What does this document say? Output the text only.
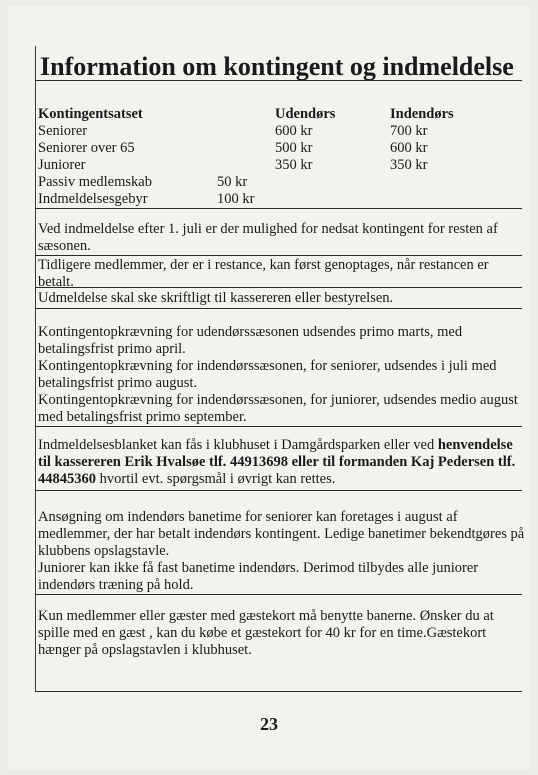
Information om kontingent og indmeldelse
Kontingentsatset	Udendørs	Indendørs
Seniorer	600 kr	700 kr
Seniorer over 65	500 kr	600 kr
Juniorer	350 kr	350 kr
Passiv medlemskab	50 kr
Indmeldelsesgebyr	100 kr
Ved indmeldelse efter 1. juli er der mulighed for nedsat kontingent for resten af
sæsonen.
Tidligere medlemmer, der er i restance, kan først genoptages, når restancen er
betalt.
Udmeldelse skal ske skriftligt til kassereren eller bestyrelsen.
Kontingentopkrævning for udendørssæsonen udsendes primo marts, med
betalingsfrist primo april.
Kontingentopkrævning for indendørssæsonen, for seniorer, udsendes i juli med
betalingsfrist primo august.
Kontingentopkrævning for indendørssæsonen, for juniorer, udsendes medio august
med betalingsfrist primo september.
Indmeldelsesblanket kan fås i klubhuset i Damgårdsparken eller ved henvendelse
til kassereren Erik Hvalsøe tlf. 44913698 eller til formanden Kaj Pedersen tlf.
44845360 hvortil evt. spørgsmål i øvrigt kan rettes.
Ansøgning om indendørs banetime for seniorer kan foretages i august af
medlemmer, der har betalt indendørs kontingent. Ledige banetimer bekendtgøres på
klubbens opslagstavle.
Juniorer kan ikke få fast banetime indendørs. Derimod tilbydes alle juniorer
indendørs træning på hold.
Kun medlemmer eller gæster med gæstekort må benytte banerne. Ønsker du at
spille med en gæst , kan du købe et gæstekort for 40 kr for en time.Gæstekort
hænger på opslagstavlen i klubhuset.
23
